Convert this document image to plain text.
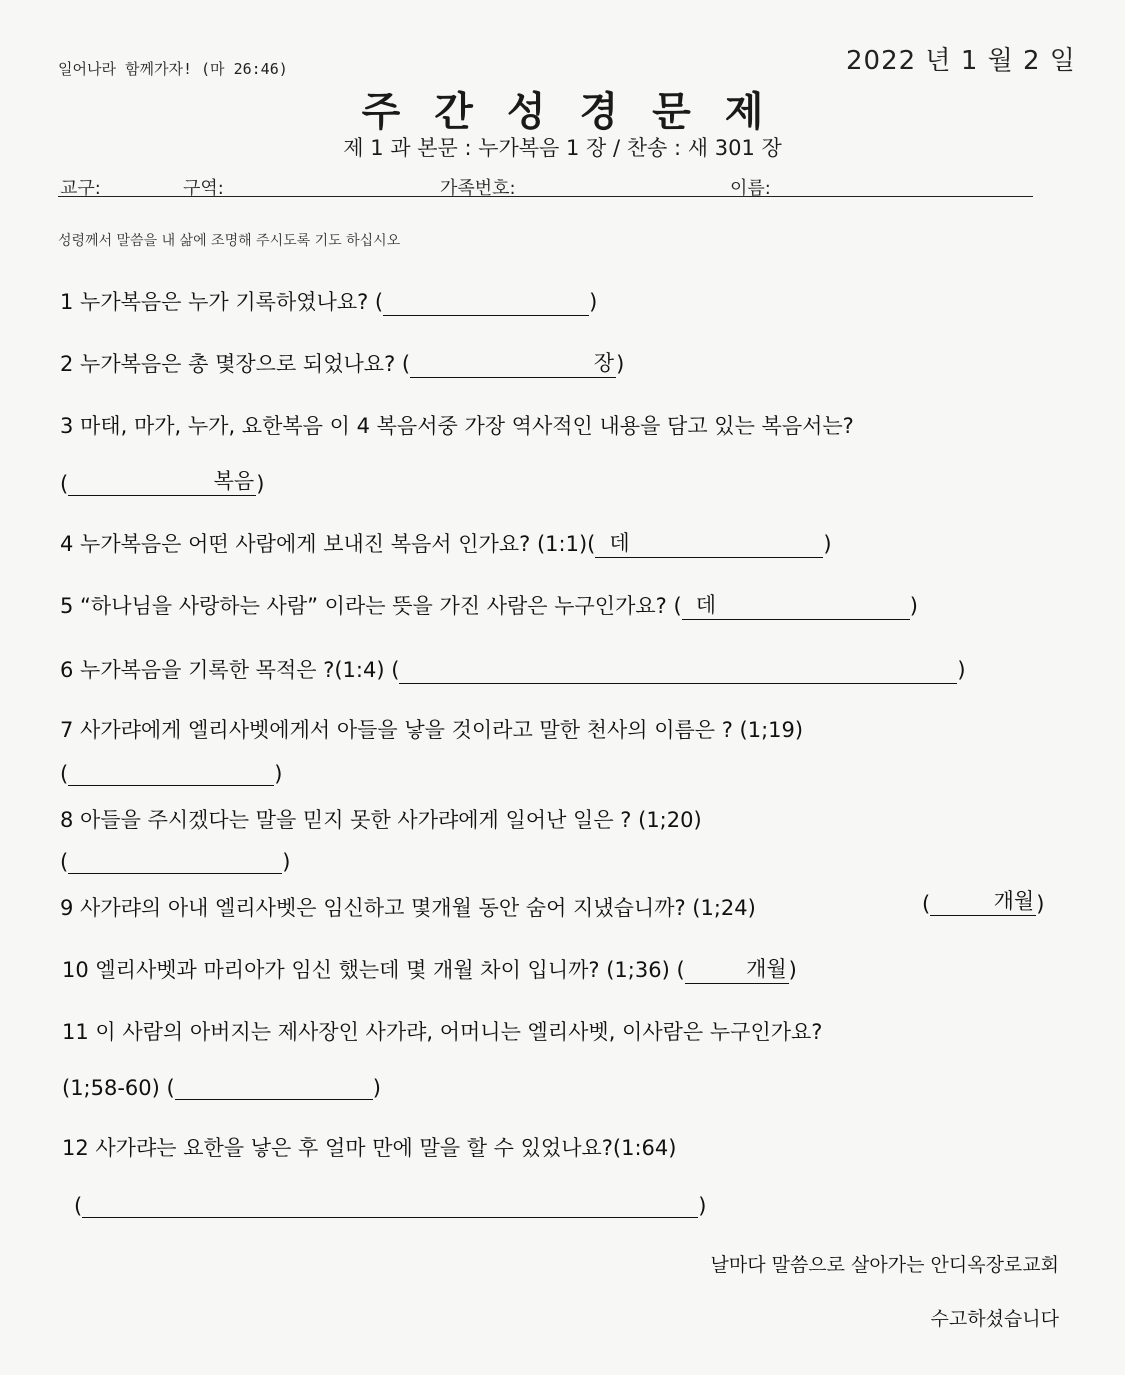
일어나라 함께가자! (마 26:46)	2022 년 1 월 2 일
주간성경문제
제 1 과 본문 : 누가복음 1 장 / 찬송 : 새 301 장
교구:	구역:	가족번호:	이름:
성령께서 말씀을 내 삶에 조명해 주시도록 기도 하십시오
1 누가복음은 누가 기록하였나요? (	)
2 누가복음은 총 몇장으로 되었나요? (	장 )
3 마태, 마가, 누가, 요한복음 이 4 복음서중 가장 역사적인 내용을 담고 있는 복음서는?
(	복음 )
4 누가복음은 어떤 사람에게 보내진 복음서 인가요? (1:1)( 데	)
5 “하나님을 사랑하는 사람” 이라는 뜻을 가진 사람은 누구인가요? ( 데	)
6 누가복음을 기록한 목적은 ?(1:4) (	)
7 사가랴에게 엘리사벳에게서 아들을 낳을 것이라고 말한 천사의 이름은 ? (1;19)
(	)
8 아들을 주시겠다는 말을 믿지 못한 사가랴에게 일어난 일은 ? (1;20)
(	)
9 사가랴의 아내 엘리사벳은 임신하고 몇개월 동안 숨어 지냈습니까? (1;24)	(	개월 )
10 엘리사벳과 마리아가 임신 했는데 몇 개월 차이 입니까? (1;36) (	개월 )
11 이 사람의 아버지는 제사장인 사가랴, 어머니는 엘리사벳, 이사람은 누구인가요?
(1;58-60) (	)
12 사가랴는 요한을 낳은 후 얼마 만에 말을 할 수 있었나요?(1:64)
(	)
날마다 말씀으로 살아가는 안디옥장로교회
수고하셨습니다
